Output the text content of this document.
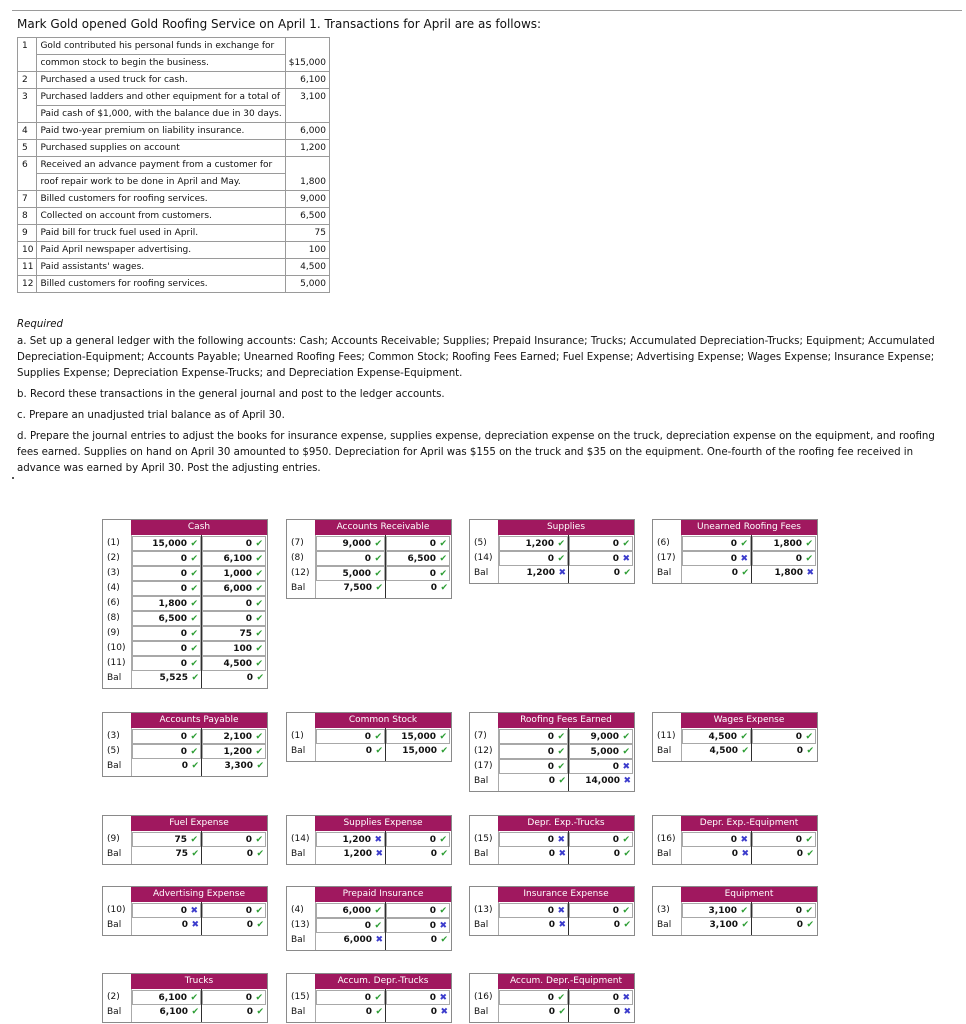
Mark Gold opened Gold Roofing Service on April 1. Transactions for April are as follows:
1	Gold contributed his personal funds in exchange for	
	common stock to begin the business.	$15,000
2	Purchased a used truck for cash.	6,100
3	Purchased ladders and other equipment for a total of	3,100
	Paid cash of $1,000, with the balance due in 30 days.	
4	Paid two-year premium on liability insurance.	6,000
5	Purchased supplies on account	1,200
6	Received an advance payment from a customer for	
	roof repair work to be done in April and May.	1,800
7	Billed customers for roofing services.	9,000
8	Collected on account from customers.	6,500
9	Paid bill for truck fuel used in April.	75
10	Paid April newspaper advertising.	100
11	Paid assistants' wages.	4,500
12	Billed customers for roofing services.	5,000
Required
a. Set up a general ledger with the following accounts: Cash; Accounts Receivable; Supplies; Prepaid Insurance; Trucks; Accumulated Depreciation-Trucks; Equipment; Accumulated Depreciation-Equipment; Accounts Payable; Unearned Roofing Fees; Common Stock; Roofing Fees Earned; Fuel Expense; Advertising Expense; Wages Expense; Insurance Expense; Supplies Expense; Depreciation Expense-Trucks; and Depreciation Expense-Equipment.
b. Record these transactions in the general journal and post to the ledger accounts.
c. Prepare an unadjusted trial balance as of April 30.
d. Prepare the journal entries to adjust the books for insurance expense, supplies expense, depreciation expense on the truck, depreciation expense on the equipment, and roofing fees earned. Supplies on hand on April 30 amounted to $950. Depreciation for April was $155 on the truck and $35 on the equipment. One-fourth of the roofing fee received in advance was earned by April 30. Post the adjusting entries.
Cash
(1)	15,000 ✔	0 ✔
(2)	0 ✔	6,100 ✔
(3)	0 ✔	1,000 ✔
(4)	0 ✔	6,000 ✔
(6)	1,800 ✔	0 ✔
(8)	6,500 ✔	0 ✔
(9)	0 ✔	75 ✔
(10)	0 ✔	100 ✔
(11)	0 ✔	4,500 ✔
Bal	5,525 ✔	0 ✔
Accounts Receivable
(7)	9,000 ✔	0 ✔
(8)	0 ✔	6,500 ✔
(12)	5,000 ✔	0 ✔
Bal	7,500 ✔	0 ✔
Supplies
(5)	1,200 ✔	0 ✔
(14)	0 ✔	0 ✖
Bal	1,200 ✖	0 ✔
Unearned Roofing Fees
(6)	0 ✔	1,800 ✔
(17)	0 ✖	0 ✔
Bal	0 ✔	1,800 ✖
Accounts Payable
(3)	0 ✔	2,100 ✔
(5)	0 ✔	1,200 ✔
Bal	0 ✔	3,300 ✔
Common Stock
(1)	0 ✔ 15,000 ✔
Bal	0 ✔ 15,000 ✔
Roofing Fees Earned
(7)	0 ✔	9,000 ✔
(12)	0 ✔	5,000 ✔
(17)	0 ✔	0 ✖
Bal	0 ✔ 14,000 ✖
Wages Expense
(11)	4,500 ✔	0 ✔
Bal	4,500 ✔	0 ✔
Fuel Expense
(9)	75 ✔	0 ✔
Bal	75 ✔	0 ✔
Supplies Expense
(14)	1,200 ✖	0 ✔
Bal	1,200 ✖	0 ✔
Depr. Exp.-Trucks
(15)	0 ✖	0 ✔
Bal	0 ✖	0 ✔
Depr. Exp.-Equipment
(16)	0 ✖	0 ✔
Bal	0 ✖	0 ✔
Advertising Expense
(10)	0 ✖	0 ✔
Bal	0 ✖	0 ✔
Prepaid Insurance
(4)	6,000 ✔	0 ✔
(13)	0 ✔	0 ✖
Bal	6,000 ✖	0 ✔
Insurance Expense
(13)	0 ✖	0 ✔
Bal	0 ✖	0 ✔
Equipment
(3)	3,100 ✔	0 ✔
Bal	3,100 ✔	0 ✔
Trucks
(2)	6,100 ✔	0 ✔
Bal	6,100 ✔	0 ✔
Accum. Depr.-Trucks
(15)	0 ✔	0 ✖
Bal	0 ✔	0 ✖
Accum. Depr.-Equipment
(16)	0 ✔	0 ✖
Bal	0 ✔	0 ✖
